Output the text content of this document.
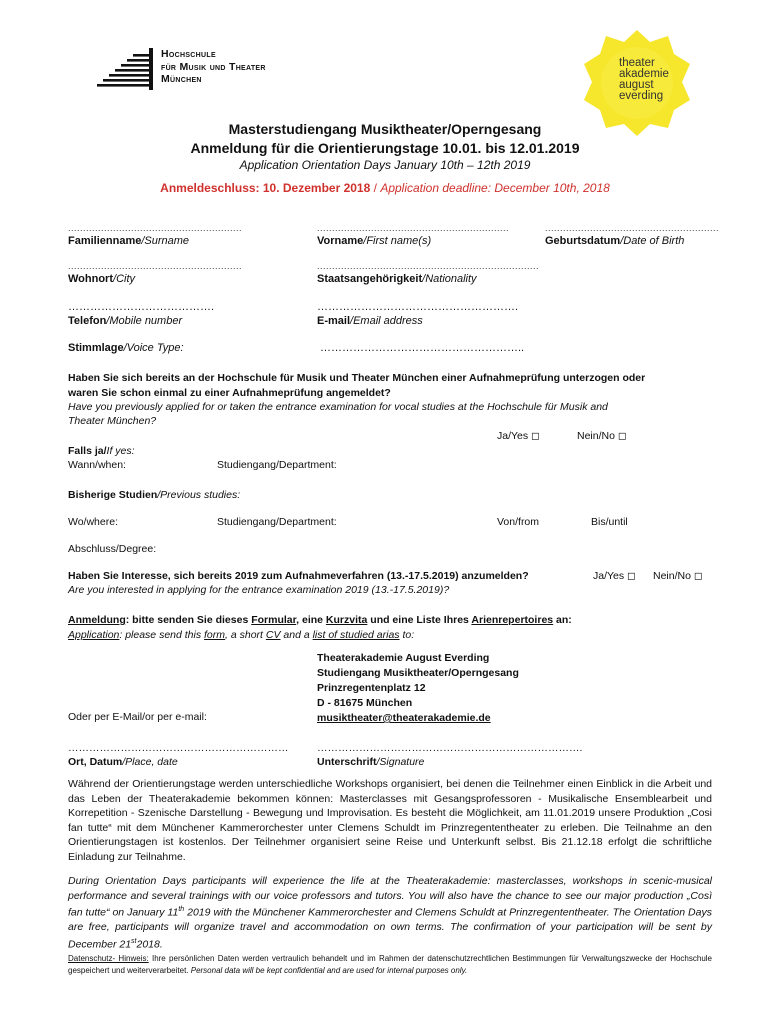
Hochschule
für Musik und Theater
München
theater
akademie
august
everding
Masterstudiengang Musiktheater/Operngesang
Anmeldung für die Orientierungstage 10.01. bis 12.01.2019
Application Orientation Days January 10th – 12th 2019
Anmeldeschluss: 10. Dezember 2018 / Application deadline: December 10th, 2018
..........................................................	................................................................	..........................................................
Familienname/Surname	Vorname/First name(s)	Geburtsdatum/Date of Birth
..........................................................	..........................................................................
Wohnort/City	Staatsangehörigkeit/Nationality
………………………………….	……………………………………………….
Telefon/Mobile number	E-mail/Email address
Stimmlage/Voice Type:	………………………………………………..
Haben Sie sich bereits an der Hochschule für Musik und Theater München einer Aufnahmeprüfung unterzogen oder
waren Sie schon einmal zu einer Aufnahmeprüfung angemeldet?
Have you previously applied for or taken the entrance examination for vocal studies at the Hochschule für Musik and
Theater München?
Ja/Yes ◻	Nein/No ◻
Falls ja/If yes:
Wann/when:	Studiengang/Department:
Bisherige Studien/Previous studies:
Wo/where:	Studiengang/Department:	Von/from	Bis/until
Abschluss/Degree:
Haben Sie Interesse, sich bereits 2019 zum Aufnahmeverfahren (13.-17.5.2019) anzumelden?	Ja/Yes ◻ Nein/No ◻
Are you interested in applying for the entrance examination 2019 (13.-17.5.2019)?
Anmeldung: bitte senden Sie dieses Formular, eine Kurzvita und eine Liste Ihres Arienrepertoires an:
Application: please send this form, a short CV and a list of studied arias to:
Theaterakademie August Everding
Studiengang Musiktheater/Operngesang
Prinzregentenplatz 12
D - 81675 München
musiktheater@theaterakademie.de
Oder per E-Mail/or per e-mail:
………………………………………………………	………………………………………………………………….
Ort, Datum/Place, date	Unterschrift/Signature
Während der Orientierungstage werden unterschiedliche Workshops organisiert, bei denen die Teilnehmer einen Einblick in die Arbeit und das Leben der Theaterakademie bekommen können: Masterclasses mit Gesangsprofessoren - Musikalische Ensemblearbeit und Korrepetition - Szenische Darstellung - Bewegung und Improvisation. Es besteht die Möglichkeit, am 11.01.2019 unsere Produktion „Cosi fan tutte“ mit dem Münchener Kammerorchester unter Clemens Schuldt im Prinzregententheater zu erleben. Die Teilnahme an den Orientierungstagen ist kostenlos. Der Teilnehmer organisiert seine Reise und Unterkunft selbst. Bis 21.12.18 erfolgt die schriftliche Einladung zur Teilnahme.
During Orientation Days participants will experience the life at the Theaterakademie: masterclasses, workshops in scenic-musical performance and several trainings with our voice professors and tutors. You will also have the chance to see our major production „Così fan tutte“ on January 11th 2019 with the Münchener Kammerorchester and Clemens Schuldt at Prinzregententheater. The Orientation Days are free, participants will organize travel and accommodation on own terms. The confirmation of your participation will be sent by December 21st2018.
Datenschutz- Hinweis: Ihre persönlichen Daten werden vertraulich behandelt und im Rahmen der datenschutzrechtlichen Bestimmungen für Verwaltungszwecke der Hochschule gespeichert und weiterverarbeitet. Personal data will be kept confidential and are used for internal purposes only.
